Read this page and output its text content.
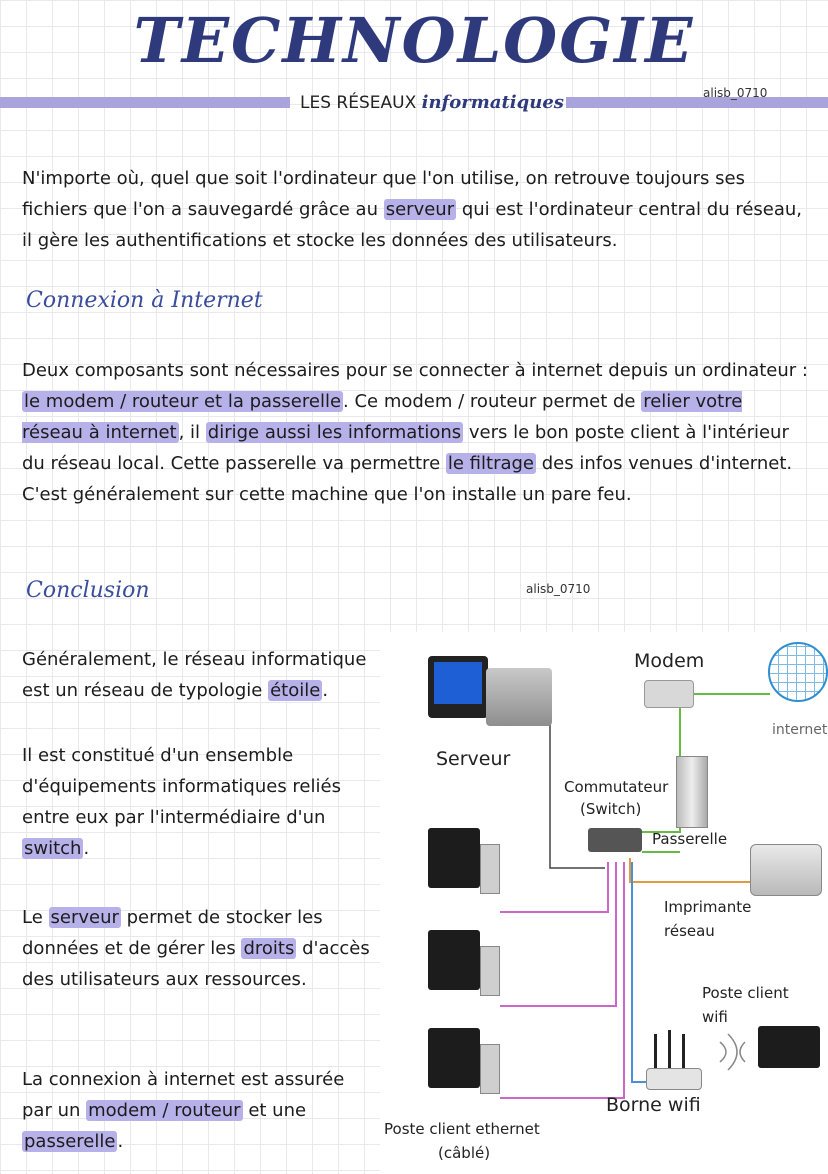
TECHNOLOGIE
LES RÉSEAUX informatiques	alisb_0710
N'importe où, quel que soit l'ordinateur que l'on utilise, on retrouve toujours ses fichiers que l'on a sauvegardé grâce au serveur qui est l'ordinateur central du réseau, il gère les authentifications et stocke les données des utilisateurs.
Connexion à Internet
Deux composants sont nécessaires pour se connecter à internet depuis un ordinateur : le modem / routeur et la passerelle . Ce modem / routeur permet de relier votre réseau à internet , il dirige aussi les informations vers le bon poste client à l'intérieur du réseau local. Cette passerelle va permettre le filtrage des infos venues d'internet. C'est généralement sur cette machine que l'on installe un pare feu.
Conclusion	alisb_0710
Généralement, le réseau informatique est un réseau de typologie étoile .
Il est constitué d'un ensemble d'équipements informatiques reliés entre eux par l'intermédiaire d'un switch .
Le serveur permet de stocker les données et de gérer les droits d'accès des utilisateurs aux ressources.
La connexion à internet est assurée par un modem / routeur et une passerelle .
Serveur
Modem
internet
Commutateur
(Switch)
Passerelle
Imprimante
réseau
Poste client ethernet
(câblé)
Poste client
wifi
Borne wifi
